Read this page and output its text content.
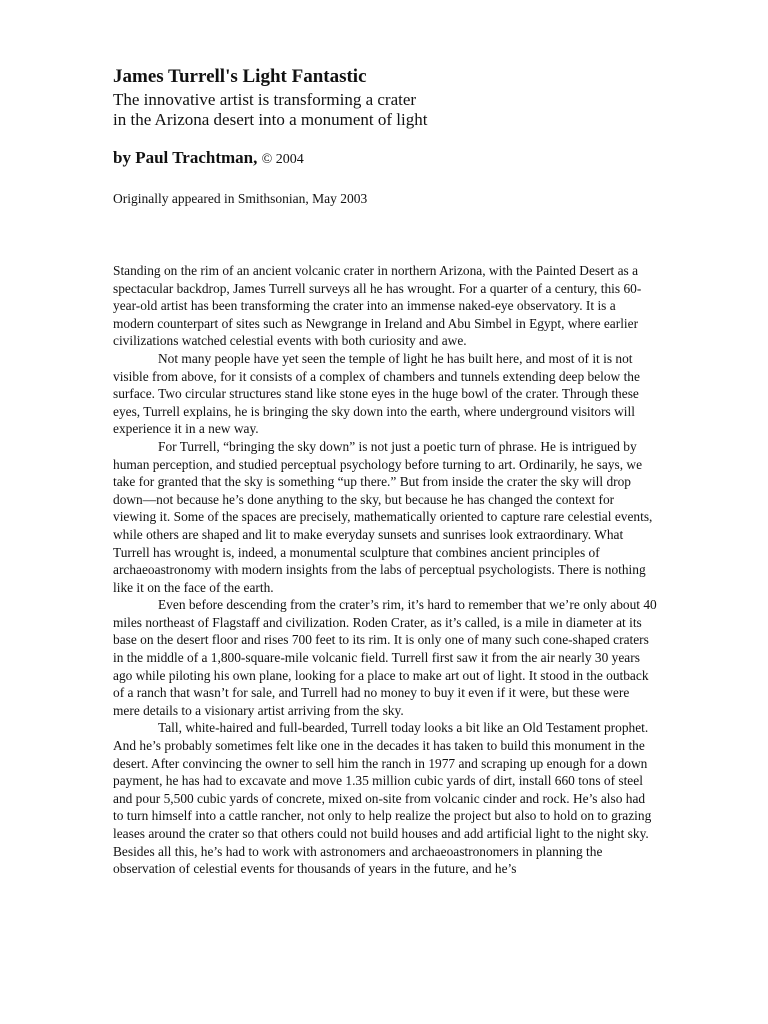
James Turrell's Light Fantastic
The innovative artist is transforming a crater
in the Arizona desert into a monument of light
by Paul Trachtman, © 2004
Originally appeared in Smithsonian, May 2003

Standing on the rim of an ancient volcanic crater in northern Arizona, with the Painted Desert as a spectacular backdrop, James Turrell surveys all he has wrought. For a quarter of a century, this 60-year-old artist has been transforming the crater into an immense naked-eye observatory. It is a modern counterpart of sites such as Newgrange in Ireland and Abu Simbel in Egypt, where earlier civilizations watched celestial events with both curiosity and awe.

Not many people have yet seen the temple of light he has built here, and most of it is not visible from above, for it consists of a complex of chambers and tunnels extending deep below the surface. Two circular structures stand like stone eyes in the huge bowl of the crater. Through these eyes, Turrell explains, he is bringing the sky down into the earth, where underground visitors will experience it in a new way.

For Turrell, “bringing the sky down” is not just a poetic turn of phrase. He is intrigued by human perception, and studied perceptual psychology before turning to art. Ordinarily, he says, we take for granted that the sky is something “up there.” But from inside the crater the sky will drop down—not because he’s done anything to the sky, but because he has changed the context for viewing it. Some of the spaces are precisely, mathematically oriented to capture rare celestial events, while others are shaped and lit to make everyday sunsets and sunrises look extraordinary. What Turrell has wrought is, indeed, a monumental sculpture that combines ancient principles of archaeoastronomy with modern insights from the labs of perceptual psychologists. There is nothing like it on the face of the earth.

Even before descending from the crater’s rim, it’s hard to remember that we’re only about 40 miles northeast of Flagstaff and civilization. Roden Crater, as it’s called, is a mile in diameter at its base on the desert floor and rises 700 feet to its rim. It is only one of many such cone-shaped craters in the middle of a 1,800-square-mile volcanic field. Turrell first saw it from the air nearly 30 years ago while piloting his own plane, looking for a place to make art out of light. It stood in the outback of a ranch that wasn’t for sale, and Turrell had no money to buy it even if it were, but these were mere details to a visionary artist arriving from the sky.

Tall, white-haired and full-bearded, Turrell today looks a bit like an Old Testament prophet. And he’s probably sometimes felt like one in the decades it has taken to build this monument in the desert. After convincing the owner to sell him the ranch in 1977 and scraping up enough for a down payment, he has had to excavate and move 1.35 million cubic yards of dirt, install 660 tons of steel and pour 5,500 cubic yards of concrete, mixed on-site from volcanic cinder and rock. He’s also had to turn himself into a cattle rancher, not only to help realize the project but also to hold on to grazing leases around the crater so that others could not build houses and add artificial light to the night sky. Besides all this, he’s had to work with astronomers and archaeoastronomers in planning the observation of celestial events for thousands of years in the future, and he’s
